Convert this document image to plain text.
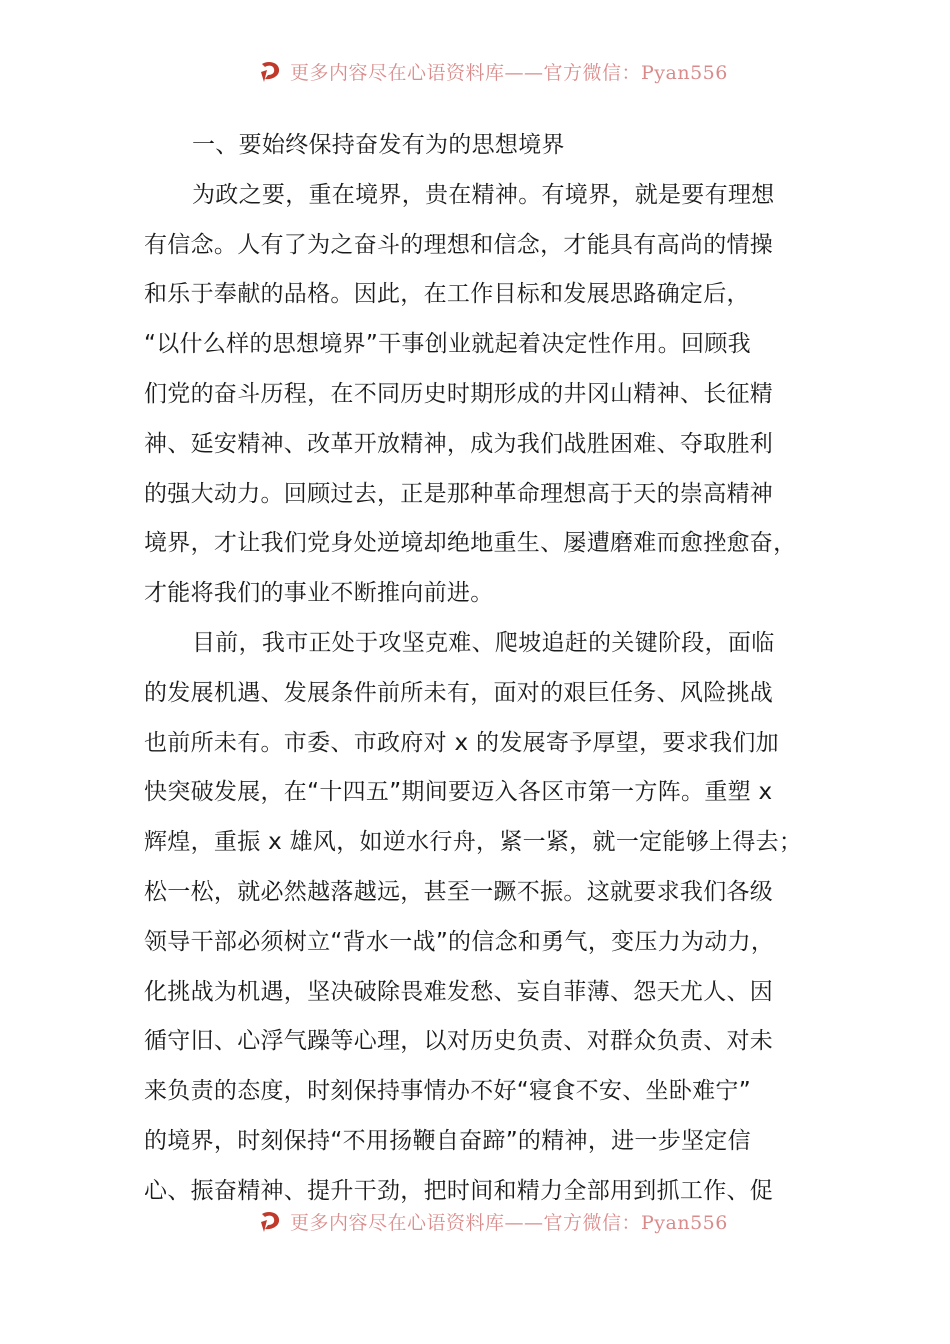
更多内容尽在心语资料库——官方微信：Pyan556
一、要始终保持奋发有为的思想境界
为政之要，重在境界，贵在精神。有境界，就是要有理想
有信念。人有了为之奋斗的理想和信念，才能具有高尚的情操
和乐于奉献的品格。因此，在工作目标和发展思路确定后，
“以什么样的思想境界”干事创业就起着决定性作用。回顾我
们党的奋斗历程，在不同历史时期形成的井冈山精神、长征精
神、延安精神、改革开放精神，成为我们战胜困难、夺取胜利
的强大动力。回顾过去，正是那种革命理想高于天的崇高精神
境界，才让我们党身处逆境却绝地重生、屡遭磨难而愈挫愈奋，
才能将我们的事业不断推向前进。
目前，我市正处于攻坚克难、爬坡追赶的关键阶段，面临
的发展机遇、发展条件前所未有，面对的艰巨任务、风险挑战
也前所未有。市委、市政府对 x 的发展寄予厚望，要求我们加
快突破发展，在“十四五”期间要迈入各区市第一方阵。重塑 x
辉煌，重振 x 雄风，如逆水行舟，紧一紧，就一定能够上得去；
松一松，就必然越落越远，甚至一蹶不振。这就要求我们各级
领导干部必须树立“背水一战”的信念和勇气，变压力为动力，
化挑战为机遇，坚决破除畏难发愁、妄自菲薄、怨天尤人、因
循守旧、心浮气躁等心理，以对历史负责、对群众负责、对未
来负责的态度，时刻保持事情办不好“寝食不安、坐卧难宁”
的境界，时刻保持“不用扬鞭自奋蹄”的精神，进一步坚定信
心、振奋精神、提升干劲，把时间和精力全部用到抓工作、促
更多内容尽在心语资料库——官方微信：Pyan556
